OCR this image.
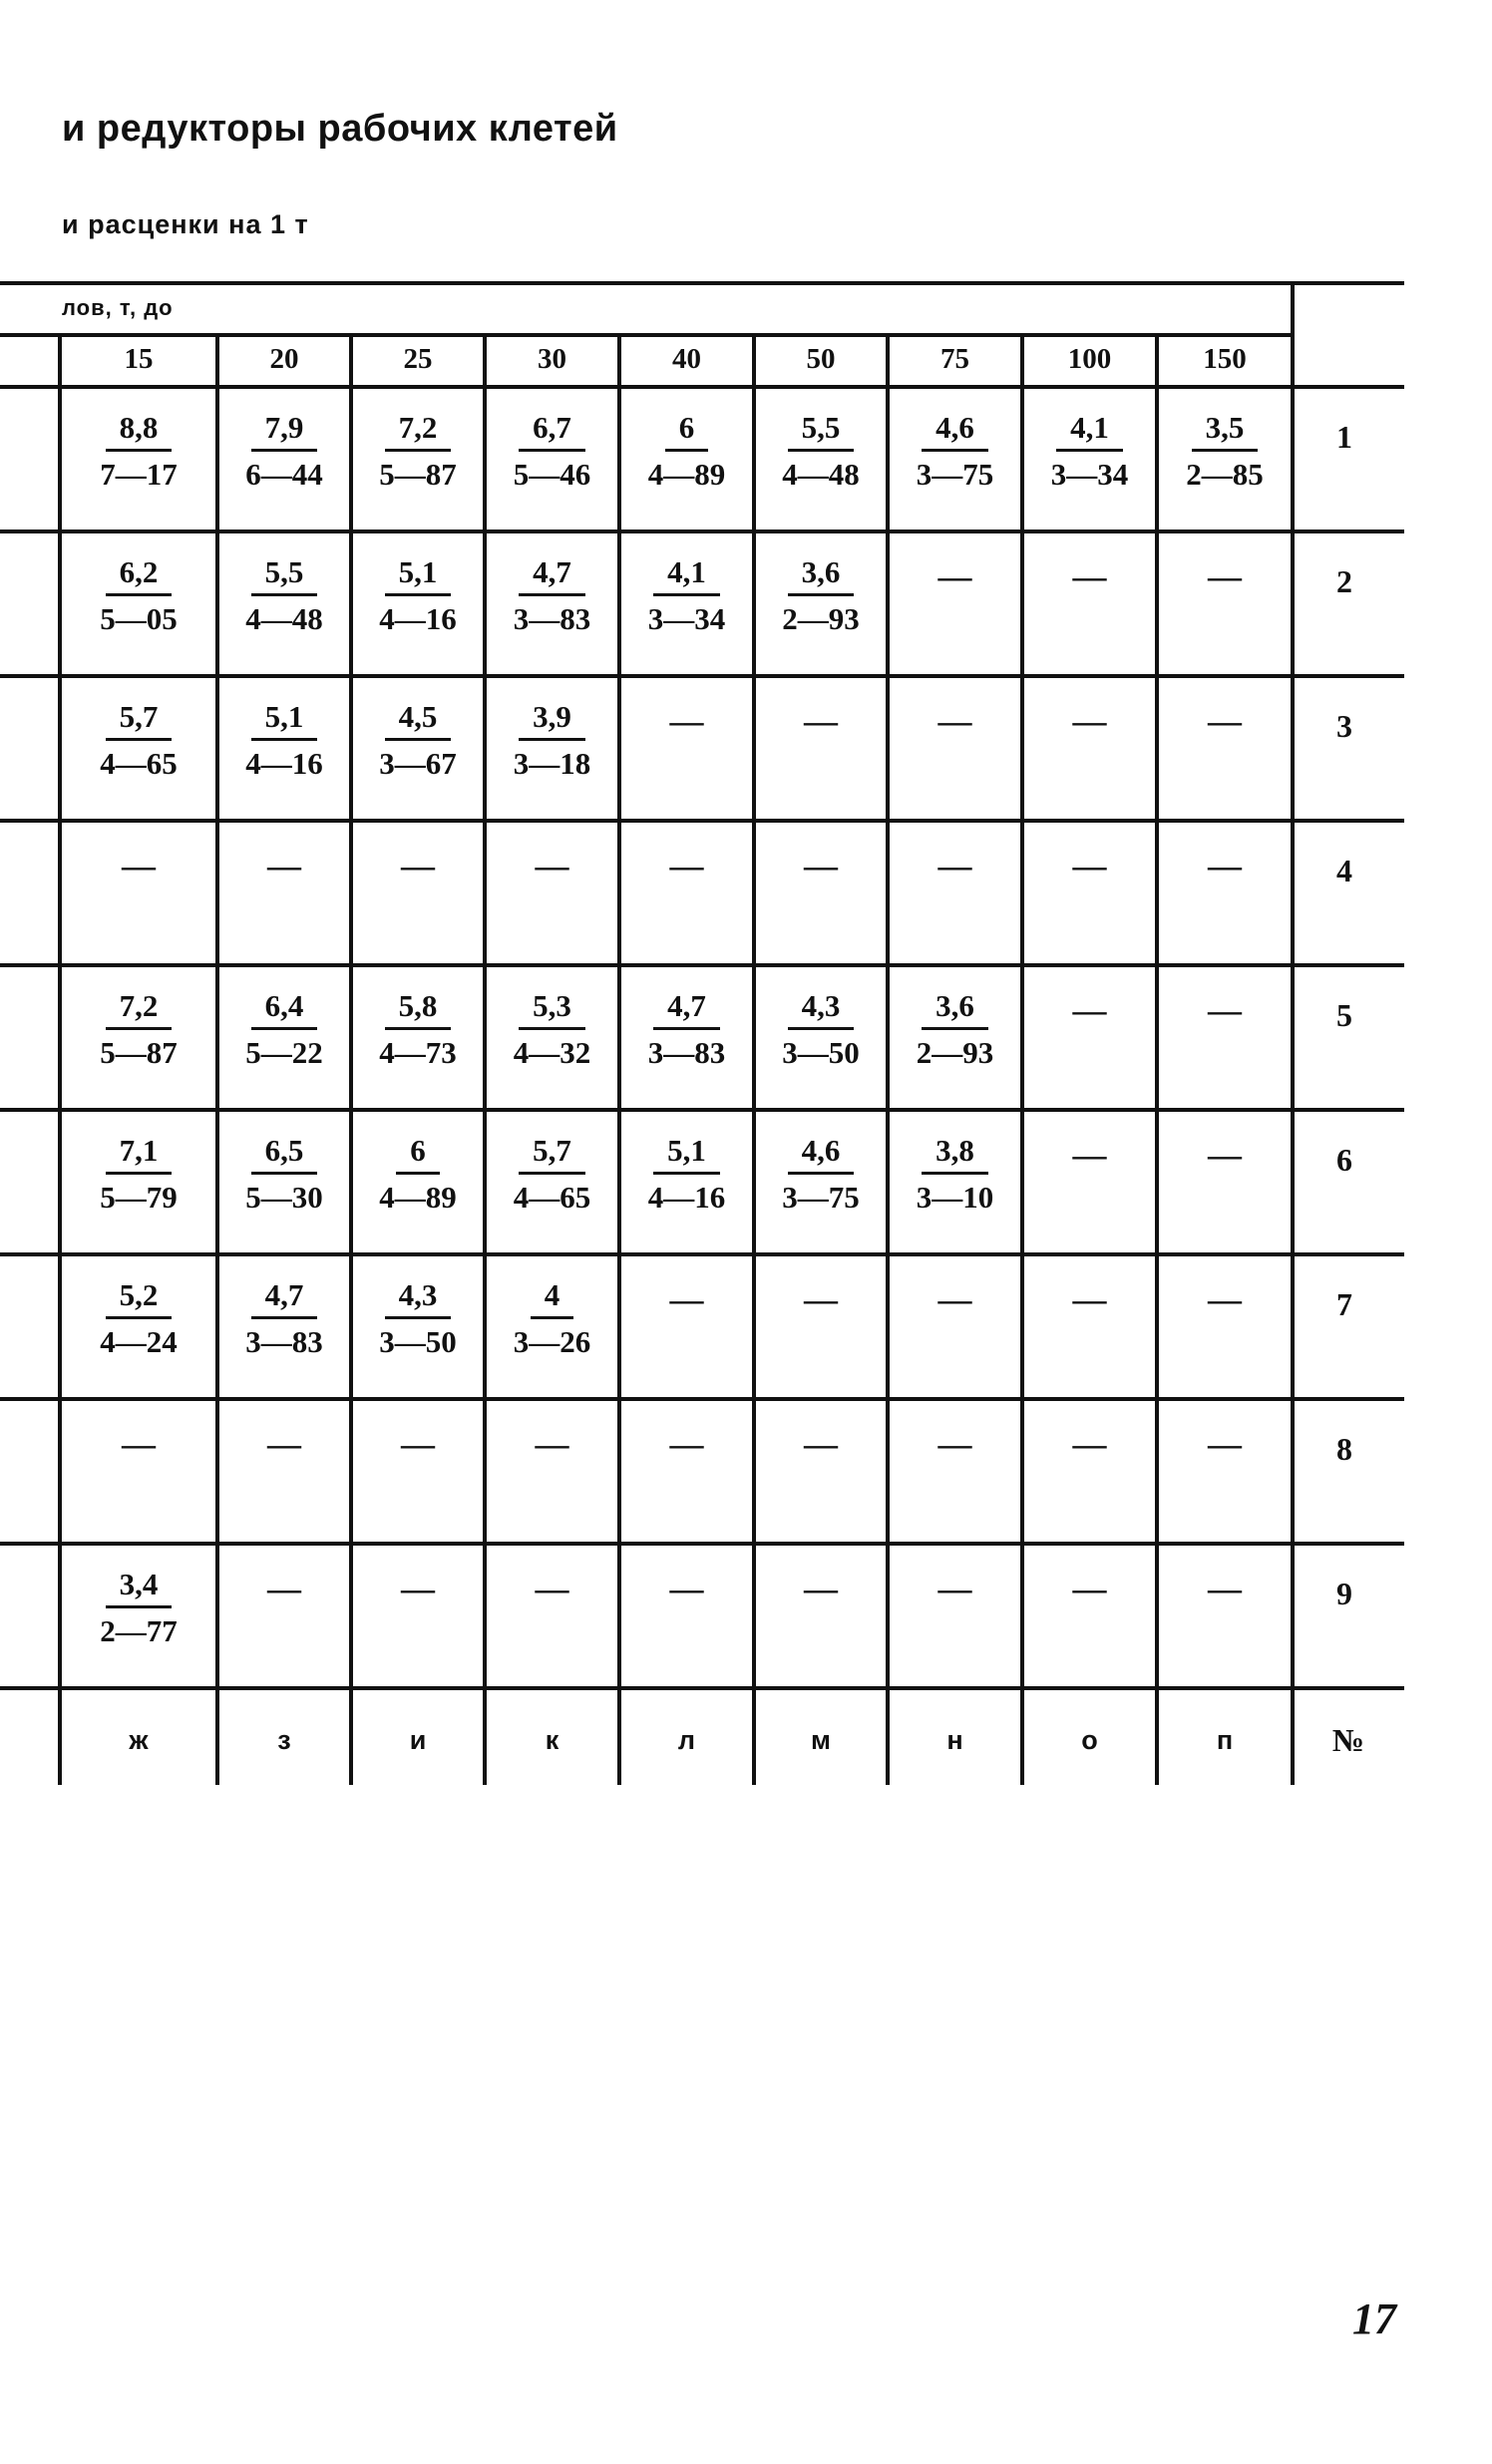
и редукторы рабочих клетей
и расценки на 1 т
лов, т, до
15	20	25	30	40	50	75	100	150
$\frac{8,8}{7—17} \frac{7,9}{6—44} \frac{7,2}{5—87} \frac{6,7}{5—46} \frac{6}{4—89} \frac{5,5}{4—48} \frac{4,6}{3—75} \frac{4,1}{3—34} \frac{3,5}{2—85}$	1
$\frac{6,2}{5—05} \frac{5,5}{4—48} \frac{5,1}{4—16} \frac{4,7}{3—83} \frac{4,1}{3—34} \frac{3,6}{2—93}$ —	—	—	2
$\frac{5,7}{4—65} \frac{5,1}{4—16} \frac{4,5}{3—67} \frac{3,9}{3—18}$ —	—	—	—	—	3
—	—	—	—	—	—	—	—	—	4
$\frac{7,2}{5—87} \frac{6,4}{5—22} \frac{5,8}{4—73} \frac{5,3}{4—32} \frac{4,7}{3—83} \frac{4,3}{3—50} \frac{3,6}{2—93}$ —	—	5
$\frac{7,1}{5—79} \frac{6,5}{5—30} \frac{6}{4—89} \frac{5,7}{4—65} \frac{5,1}{4—16} \frac{4,6}{3—75} \frac{3,8}{3—10}$ —	—	6
$\frac{5,2}{4—24} \frac{4,7}{3—83} \frac{4,3}{3—50} \frac{4}{3—26}$ —	—	—	—	—	7
—	—	—	—	—	—	—	—	—	8
$\frac{3,4}{2—77}$ —	—	—	—	—	—	—	—	9
ж	з	и	к	л	м	н	о	п	№
17
